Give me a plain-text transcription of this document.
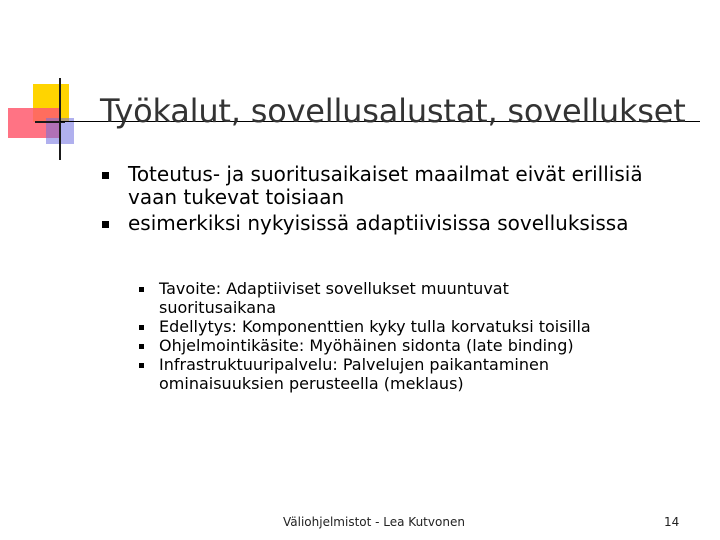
Työkalut, sovellusalustat, sovellukset
Toteutus- ja suoritusaikaiset maailmat eivät erillisiä vaan tukevat toisiaan
esimerkiksi nykyisissä adaptiivisissa sovelluksissa
Tavoite: Adaptiiviset sovellukset muuntuvat suoritusaikana
Edellytys: Komponenttien kyky tulla korvatuksi toisilla
Ohjelmointikäsite: Myöhäinen sidonta (late binding)
Infrastruktuuripalvelu: Palvelujen paikantaminen ominaisuuksien perusteella (meklaus)
Väliohjelmistot - Lea Kutvonen	14
